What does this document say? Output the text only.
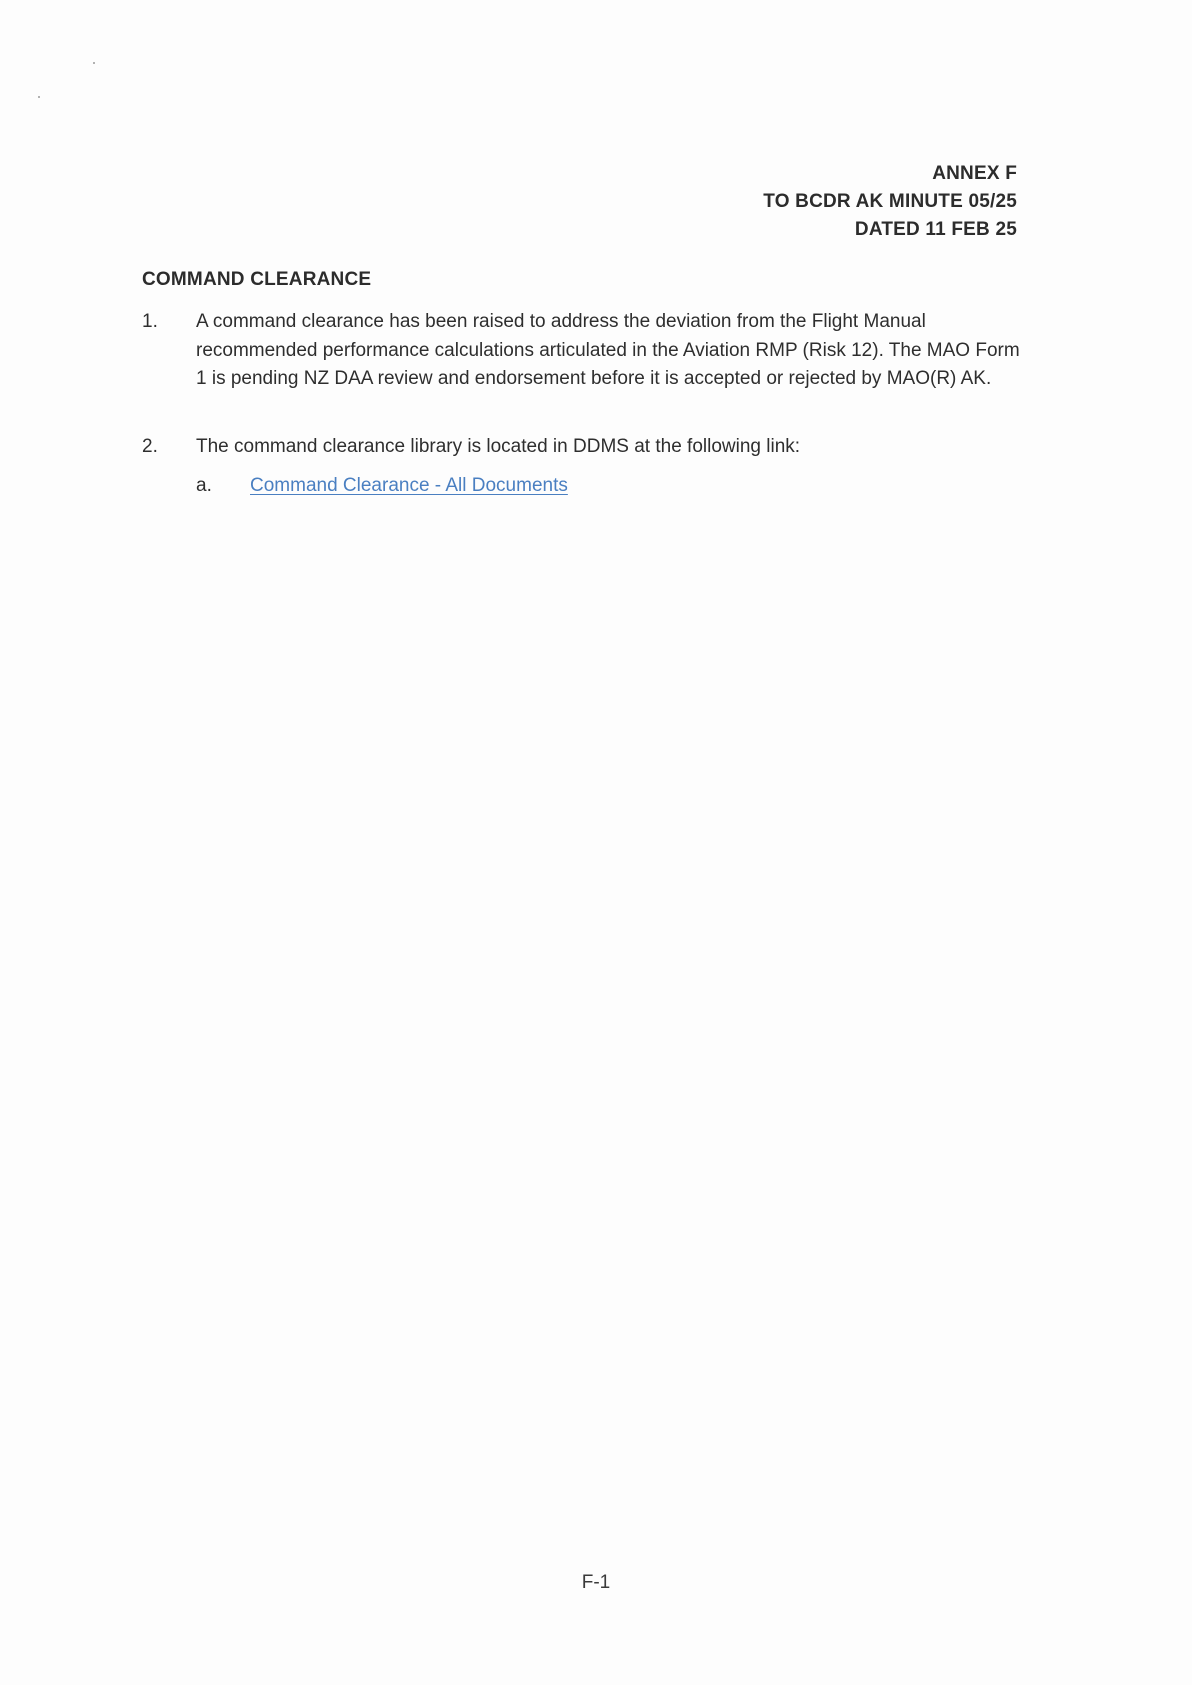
ANNEX F
TO BCDR AK MINUTE 05/25
DATED 11 FEB 25
COMMAND CLEARANCE
1.	A command clearance has been raised to address the deviation from the Flight Manual recommended performance calculations articulated in the Aviation RMP (Risk 12). The MAO Form 1 is pending NZ DAA review and endorsement before it is accepted or rejected by MAO(R) AK.
2.	The command clearance library is located in DDMS at the following link:
a. Command Clearance - All Documents
F-1
